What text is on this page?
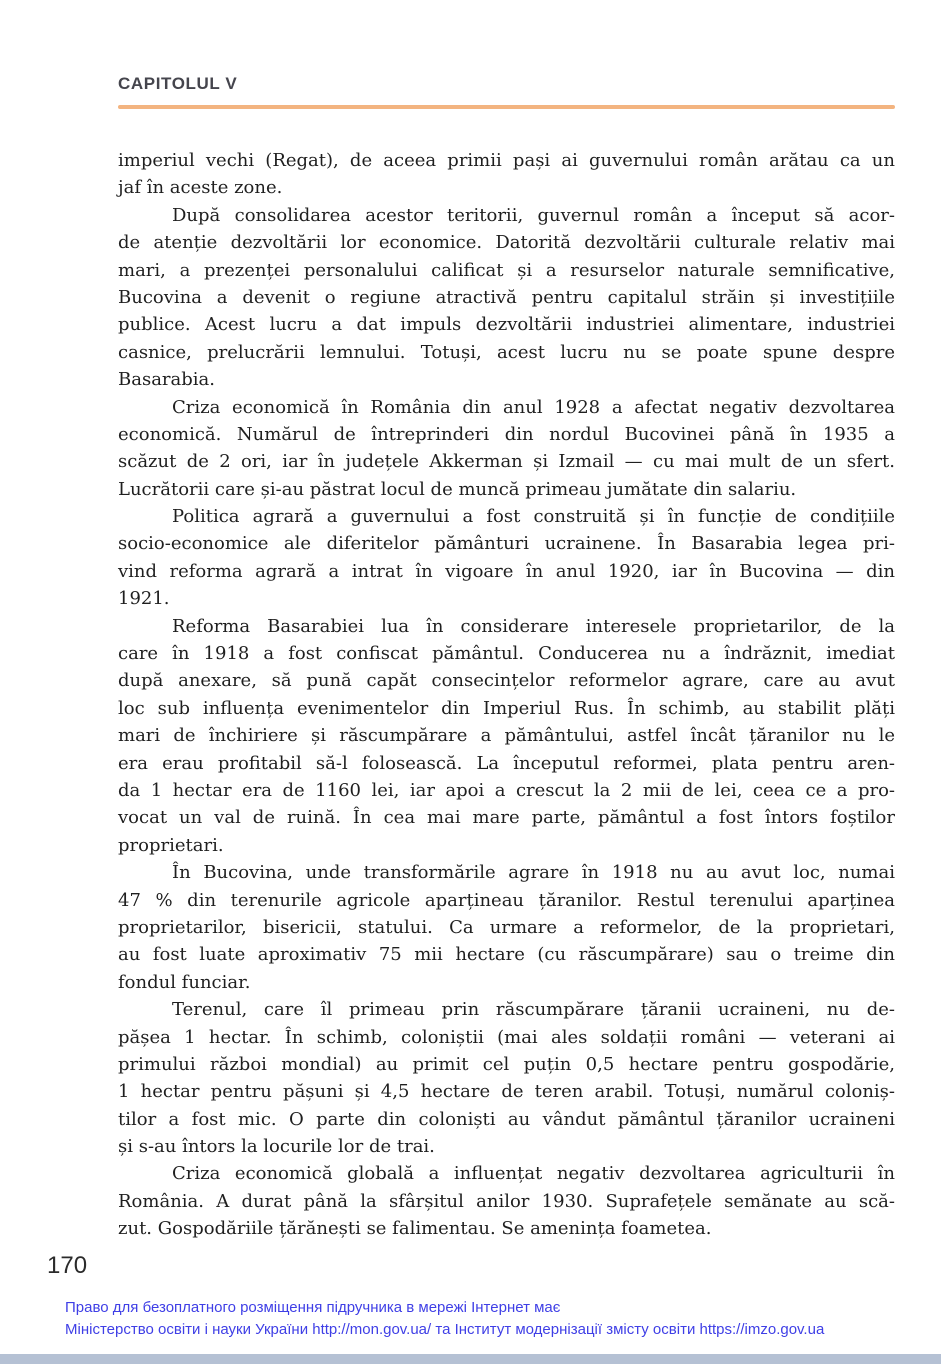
CAPITOLUL V
imperiul vechi (Regat), de aceea primii pași ai guvernului român arătau ca un
jaf în aceste zone.
După consolidarea acestor teritorii, guvernul român a început să acor-
de atenție dezvoltării lor economice. Datorită dezvoltării culturale relativ mai
mari, a prezenței personalului calificat și a resurselor naturale semnificative,
Bucovina a devenit o regiune atractivă pentru capitalul străin și investițiile
publice. Acest lucru a dat impuls dezvoltării industriei alimentare, industriei
casnice, prelucrării lemnului. Totuși, acest lucru nu se poate spune despre
Basarabia.
Criza economică în România din anul 1928 a afectat negativ dezvoltarea
economică. Numărul de întreprinderi din nordul Bucovinei până în 1935 a
scăzut de 2 ori, iar în județele Akkerman și Izmail — cu mai mult de un sfert.
Lucrătorii care și-au păstrat locul de muncă primeau jumătate din salariu.
Politica agrară a guvernului a fost construită și în funcție de condițiile
socio-economice ale diferitelor pământuri ucrainene. În Basarabia legea pri-
vind reforma agrară a intrat în vigoare în anul 1920, iar în Bucovina — din
1921.
Reforma Basarabiei lua în considerare interesele proprietarilor, de la
care în 1918 a fost confiscat pământul. Conducerea nu a îndrăznit, imediat
după anexare, să pună capăt consecințelor reformelor agrare, care au avut
loc sub influența evenimentelor din Imperiul Rus. În schimb, au stabilit plăți
mari de închiriere și răscumpărare a pământului, astfel încât țăranilor nu le
era erau profitabil să-l folosească. La începutul reformei, plata pentru aren-
da 1 hectar era de 1160 lei, iar apoi a crescut la 2 mii de lei, ceea ce a pro-
vocat un val de ruină. În cea mai mare parte, pământul a fost întors foștilor
proprietari.
În Bucovina, unde transformările agrare în 1918 nu au avut loc, numai
47 % din terenurile agricole aparțineau țăranilor. Restul terenului aparținea
proprietarilor, bisericii, statului. Ca urmare a reformelor, de la proprietari,
au fost luate aproximativ 75 mii hectare (cu răscumpărare) sau o treime din
fondul funciar.
Terenul, care îl primeau prin răscumpărare țăranii ucraineni, nu de-
pășea 1 hectar. În schimb, coloniștii (mai ales soldații români — veterani ai
primului război mondial) au primit cel puțin 0,5 hectare pentru gospodărie,
1 hectar pentru pășuni și 4,5 hectare de teren arabil. Totuși, numărul coloniș-
tilor a fost mic. O parte din coloniști au vândut pământul țăranilor ucraineni
și s-au întors la locurile lor de trai.
Criza economică globală a influențat negativ dezvoltarea agriculturii în
România. A durat până la sfârșitul anilor 1930. Suprafețele semănate au scă-
zut. Gospodăriile țărănești se falimentau. Se amenința foametea.
170
Право для безоплатного розміщення підручника в мережі Інтернет має
Міністерство освіти і науки України http://mon.gov.ua/ та Інститут модернізації змісту освіти https://imzo.gov.ua
